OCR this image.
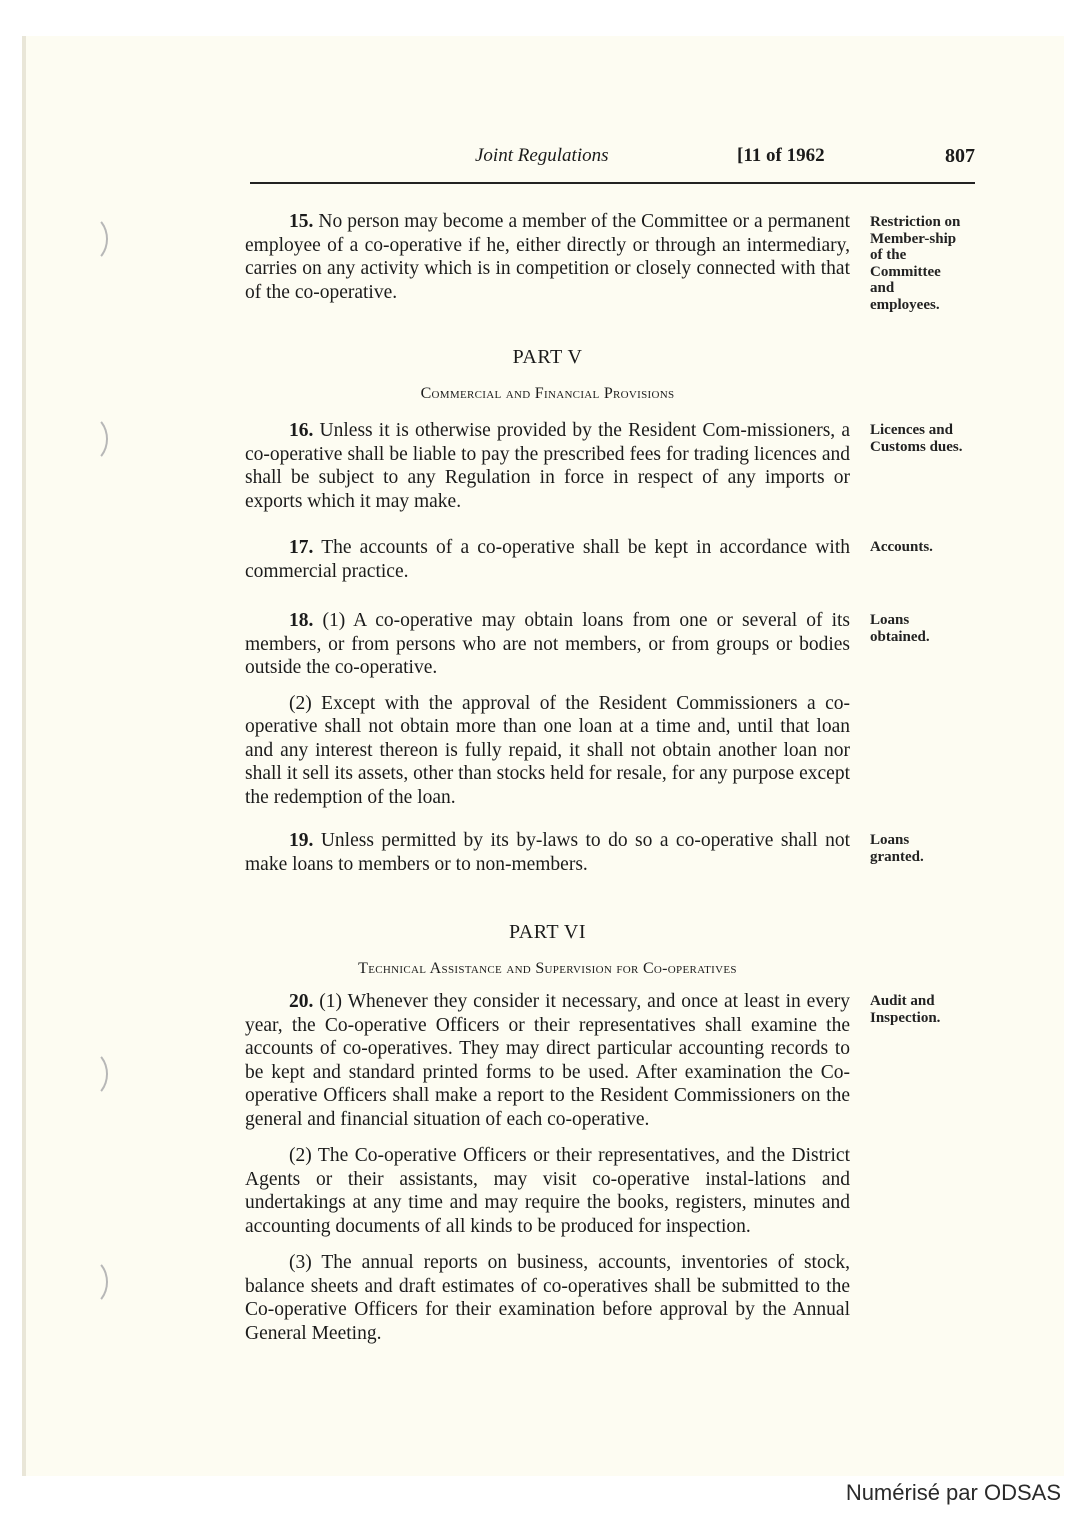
Joint Regulations	[11 of 1962	807

15. No person may become a member of the Committee or a permanent employee of a co-operative if he, either directly or through an intermediary, carries on any activity which is in competition or closely connected with that of the co-operative.

Restriction on Member-ship of the Committee and employees.
PART V
Commercial and Financial Provisions

16. Unless it is otherwise provided by the Resident Com-missioners, a co-operative shall be liable to pay the prescribed fees for trading licences and shall be subject to any Regulation in force in respect of any imports or exports which it may make.

Licences and Customs dues.

17. The accounts of a co-operative shall be kept in accordance with commercial practice.

Accounts.

18. (1) A co-operative may obtain loans from one or several of its members, or from persons who are not members, or from groups or bodies outside the co-operative.

(2) Except with the approval of the Resident Commissioners a co-operative shall not obtain more than one loan at a time and, until that loan and any interest thereon is fully repaid, it shall not obtain another loan nor shall it sell its assets, other than stocks held for resale, for any purpose except the redemption of the loan.

Loans obtained.

19. Unless permitted by its by-laws to do so a co-operative shall not make loans to members or to non-members.

Loans granted.
PART VI
Technical Assistance and Supervision for Co-operatives

20. (1) Whenever they consider it necessary, and once at least in every year, the Co-operative Officers or their representatives shall examine the accounts of co-operatives. They may direct particular accounting records to be kept and standard printed forms to be used. After examination the Co-operative Officers shall make a report to the Resident Commissioners on the general and financial situation of each co-operative.

(2) The Co-operative Officers or their representatives, and the District Agents or their assistants, may visit co-operative instal-lations and undertakings at any time and may require the books, registers, minutes and accounting documents of all kinds to be produced for inspection.

(3) The annual reports on business, accounts, inventories of stock, balance sheets and draft estimates of co-operatives shall be submitted to the Co-operative Officers for their examination before approval by the Annual General Meeting.

Audit and Inspection.
Numérisé par ODSAS
